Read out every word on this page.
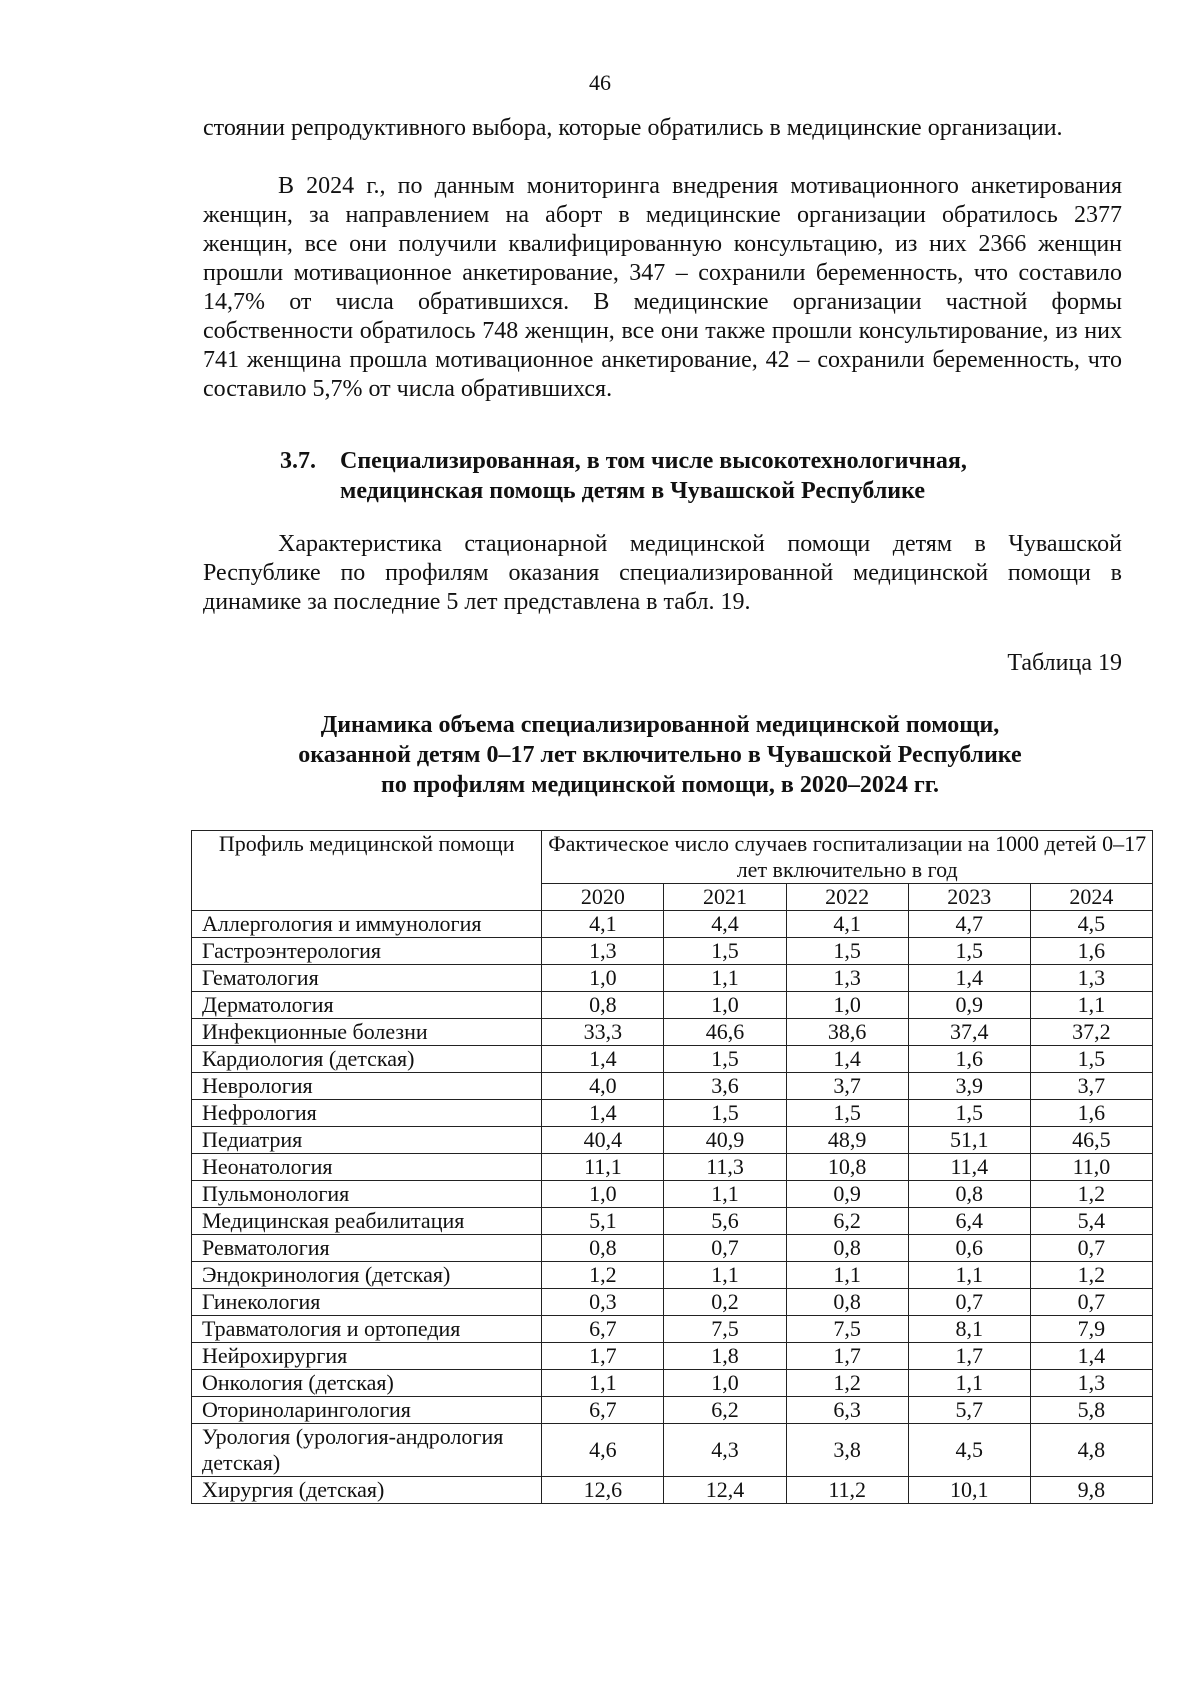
46

стоянии репродуктивного выбора, которые обратились в медицинские организации.

В 2024 г., по данным мониторинга внедрения мотивационного анкетирования женщин, за направлением на аборт в медицинские организации обратилось 2377 женщин, все они получили квалифицированную консультацию, из них 2366 женщин прошли мотивационное анкетирование, 347 – сохранили беременность, что составило 14,7% от числа обратившихся. В медицинские организации частной формы собственности обратилось 748 женщин, все они также прошли консультирование, из них 741 женщина прошла мотивационное анкетирование, 42 – сохранили беременность, что составило 5,7% от числа обратившихся.

3.7. Специализированная, в том числе высокотехнологичная,
медицинская помощь детям в Чувашской Республике

Характеристика стационарной медицинской помощи детям в Чувашской Республике по профилям оказания специализированной медицинской помощи в динамике за последние 5 лет представлена в табл. 19.

Таблица 19
Динамика объема специализированной медицинской помощи,
оказанной детям 0–17 лет включительно в Чувашской Республике
по профилям медицинской помощи, в 2020–2024 гг.
Профиль медицинской помощи	Фактическое число случаев госпитализации на 1000 детей 0–17 лет включительно в год				
	2020	2021	2022	2023	2024
Аллергология и иммунология	4,1	4,4	4,1	4,7	4,5
Гастроэнтерология	1,3	1,5	1,5	1,5	1,6
Гематология	1,0	1,1	1,3	1,4	1,3
Дерматология	0,8	1,0	1,0	0,9	1,1
Инфекционные болезни	33,3	46,6	38,6	37,4	37,2
Кардиология (детская)	1,4	1,5	1,4	1,6	1,5
Неврология	4,0	3,6	3,7	3,9	3,7
Нефрология	1,4	1,5	1,5	1,5	1,6
Педиатрия	40,4	40,9	48,9	51,1	46,5
Неонатология	11,1	11,3	10,8	11,4	11,0
Пульмонология	1,0	1,1	0,9	0,8	1,2
Медицинская реабилитация	5,1	5,6	6,2	6,4	5,4
Ревматология	0,8	0,7	0,8	0,6	0,7
Эндокринология (детская)	1,2	1,1	1,1	1,1	1,2
Гинекология	0,3	0,2	0,8	0,7	0,7
Травматология и ортопедия	6,7	7,5	7,5	8,1	7,9
Нейрохирургия	1,7	1,8	1,7	1,7	1,4
Онкология (детская)	1,1	1,0	1,2	1,1	1,3
Оториноларингология	6,7	6,2	6,3	5,7	5,8
Урология (урология-андрология детская)	4,6	4,3	3,8	4,5	4,8
Хирургия (детская)	12,6	12,4	11,2	10,1	9,8
